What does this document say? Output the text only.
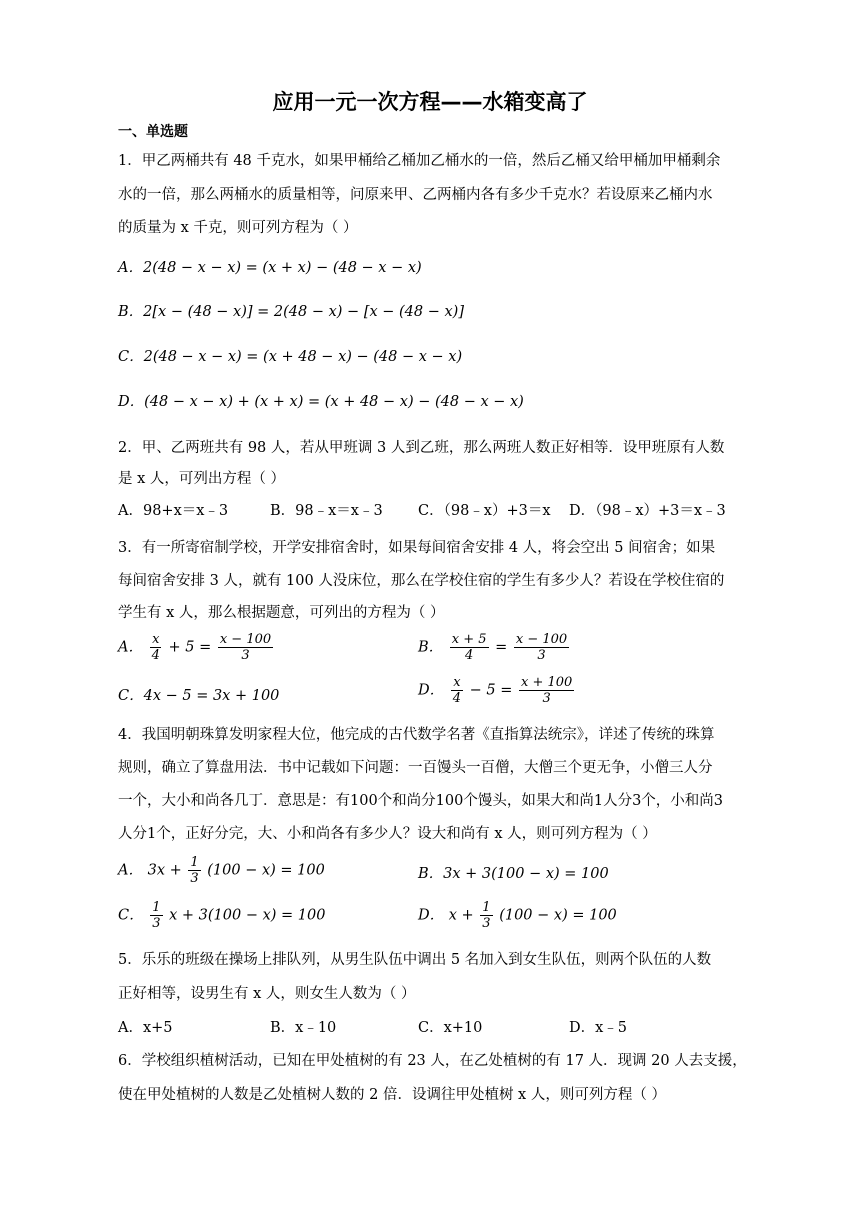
应用一元一次方程——水箱变高了
一、单选题
1．甲乙两桶共有 48 千克水，如果甲桶给乙桶加乙桶水的一倍，然后乙桶又给甲桶加甲桶剩余
水的一倍，那么两桶水的质量相等，问原来甲、乙两桶内各有多少千克水？若设原来乙桶内水
的质量为 x 千克，则可列方程为（ ）
A．2(48 − x − x) = (x + x) − (48 − x − x)
B．2[x − (48 − x)] = 2(48 − x) − [x − (48 − x)]
C．2(48 − x − x) = (x + 48 − x) − (48 − x − x)
D．(48 − x − x) + (x + x) = (x + 48 − x) − (48 − x − x)
2．甲、乙两班共有 98 人，若从甲班调 3 人到乙班，那么两班人数正好相等．设甲班原有人数
是 x 人，可列出方程（ ）
A．98+x＝x﹣3	B．98﹣x＝x﹣3 C．（98﹣x）+3＝x D．（98﹣x）+3＝x﹣3
3．有一所寄宿制学校，开学安排宿舍时，如果每间宿舍安排 4 人，将会空出 5 间宿舍；如果
每间宿舍安排 3 人，就有 100 人没床位，那么在学校住宿的学生有多少人？若设在学校住宿的
学生有 x 人，那么根据题意，可列出的方程为（ ）
A． $\frac{x}{4} + 5 = \frac{x - 100}{3}$	B． $\frac{x + 5}{4} = \frac{x - 100}{3}$
C．4x − 5 = 3x + 100	D． $\frac{x}{4} - 5 = \frac{x + 100}{3}$
4．我国明朝珠算发明家程大位，他完成的古代数学名著《直指算法统宗》，详述了传统的珠算
规则，确立了算盘用法．书中记载如下问题：一百馒头一百僧，大僧三个更无争，小僧三人分
一个，大小和尚各几丁．意思是：有100个和尚分100个馒头，如果大和尚1人分3个，小和尚3
人分1个，正好分完，大、小和尚各有多少人？设大和尚有 x 人，则可列方程为（ ）
A． $3x + \frac{1}{3} (100 - x) = 100$	B．3x + 3(100 − x) = 100
C． $\frac{1}{3}$ x + 3(100 − x) = 100	D． $x + \frac{1}{3} (100 - x) = 100$
5．乐乐的班级在操场上排队列，从男生队伍中调出 5 名加入到女生队伍，则两个队伍的人数
正好相等，设男生有 x 人，则女生人数为（ ）
A．x+5	B．x﹣10	C．x+10	D．x﹣5
6．学校组织植树活动，已知在甲处植树的有 23 人，在乙处植树的有 17 人．现调 20 人去支援，
使在甲处植树的人数是乙处植树人数的 2 倍．设调往甲处植树 x 人，则可列方程（ ）
